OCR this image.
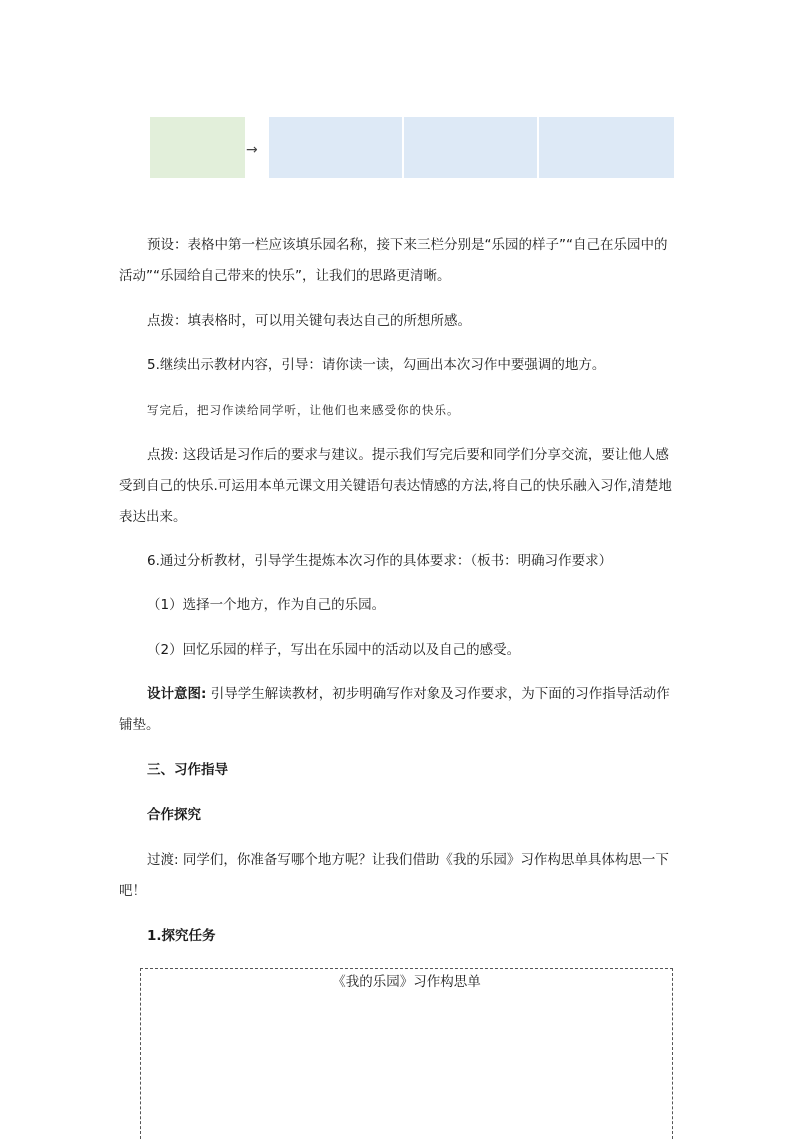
→

预设：表格中第一栏应该填乐园名称，接下来三栏分别是“乐园的样子”“自己在乐园中的活动”“乐园给自己带来的快乐”，让我们的思路更清晰。

点拨：填表格时，可以用关键句表达自己的所想所感。

5.继续出示教材内容，引导：请你读一读，勾画出本次习作中要强调的地方。

写完后，把习作读给同学听，让他们也来感受你的快乐。

点拨: 这段话是习作后的要求与建议。提示我们写完后要和同学们分享交流，要让他人感受到自己的快乐.可运用本单元课文用关键语句表达情感的方法,将自己的快乐融入习作,清楚地表达出来。

6.通过分析教材，引导学生提炼本次习作的具体要求：（板书：明确习作要求）

（1）选择一个地方，作为自己的乐园。

（2）回忆乐园的样子，写出在乐园中的活动以及自己的感受。

设计意图: 引导学生解读教材，初步明确写作对象及习作要求，为下面的习作指导活动作铺垫。

三、习作指导

合作探究

过渡: 同学们，你准备写哪个地方呢？让我们借助《我的乐园》习作构思单具体构思一下吧！

1.探究任务

《我的乐园》习作构思单
